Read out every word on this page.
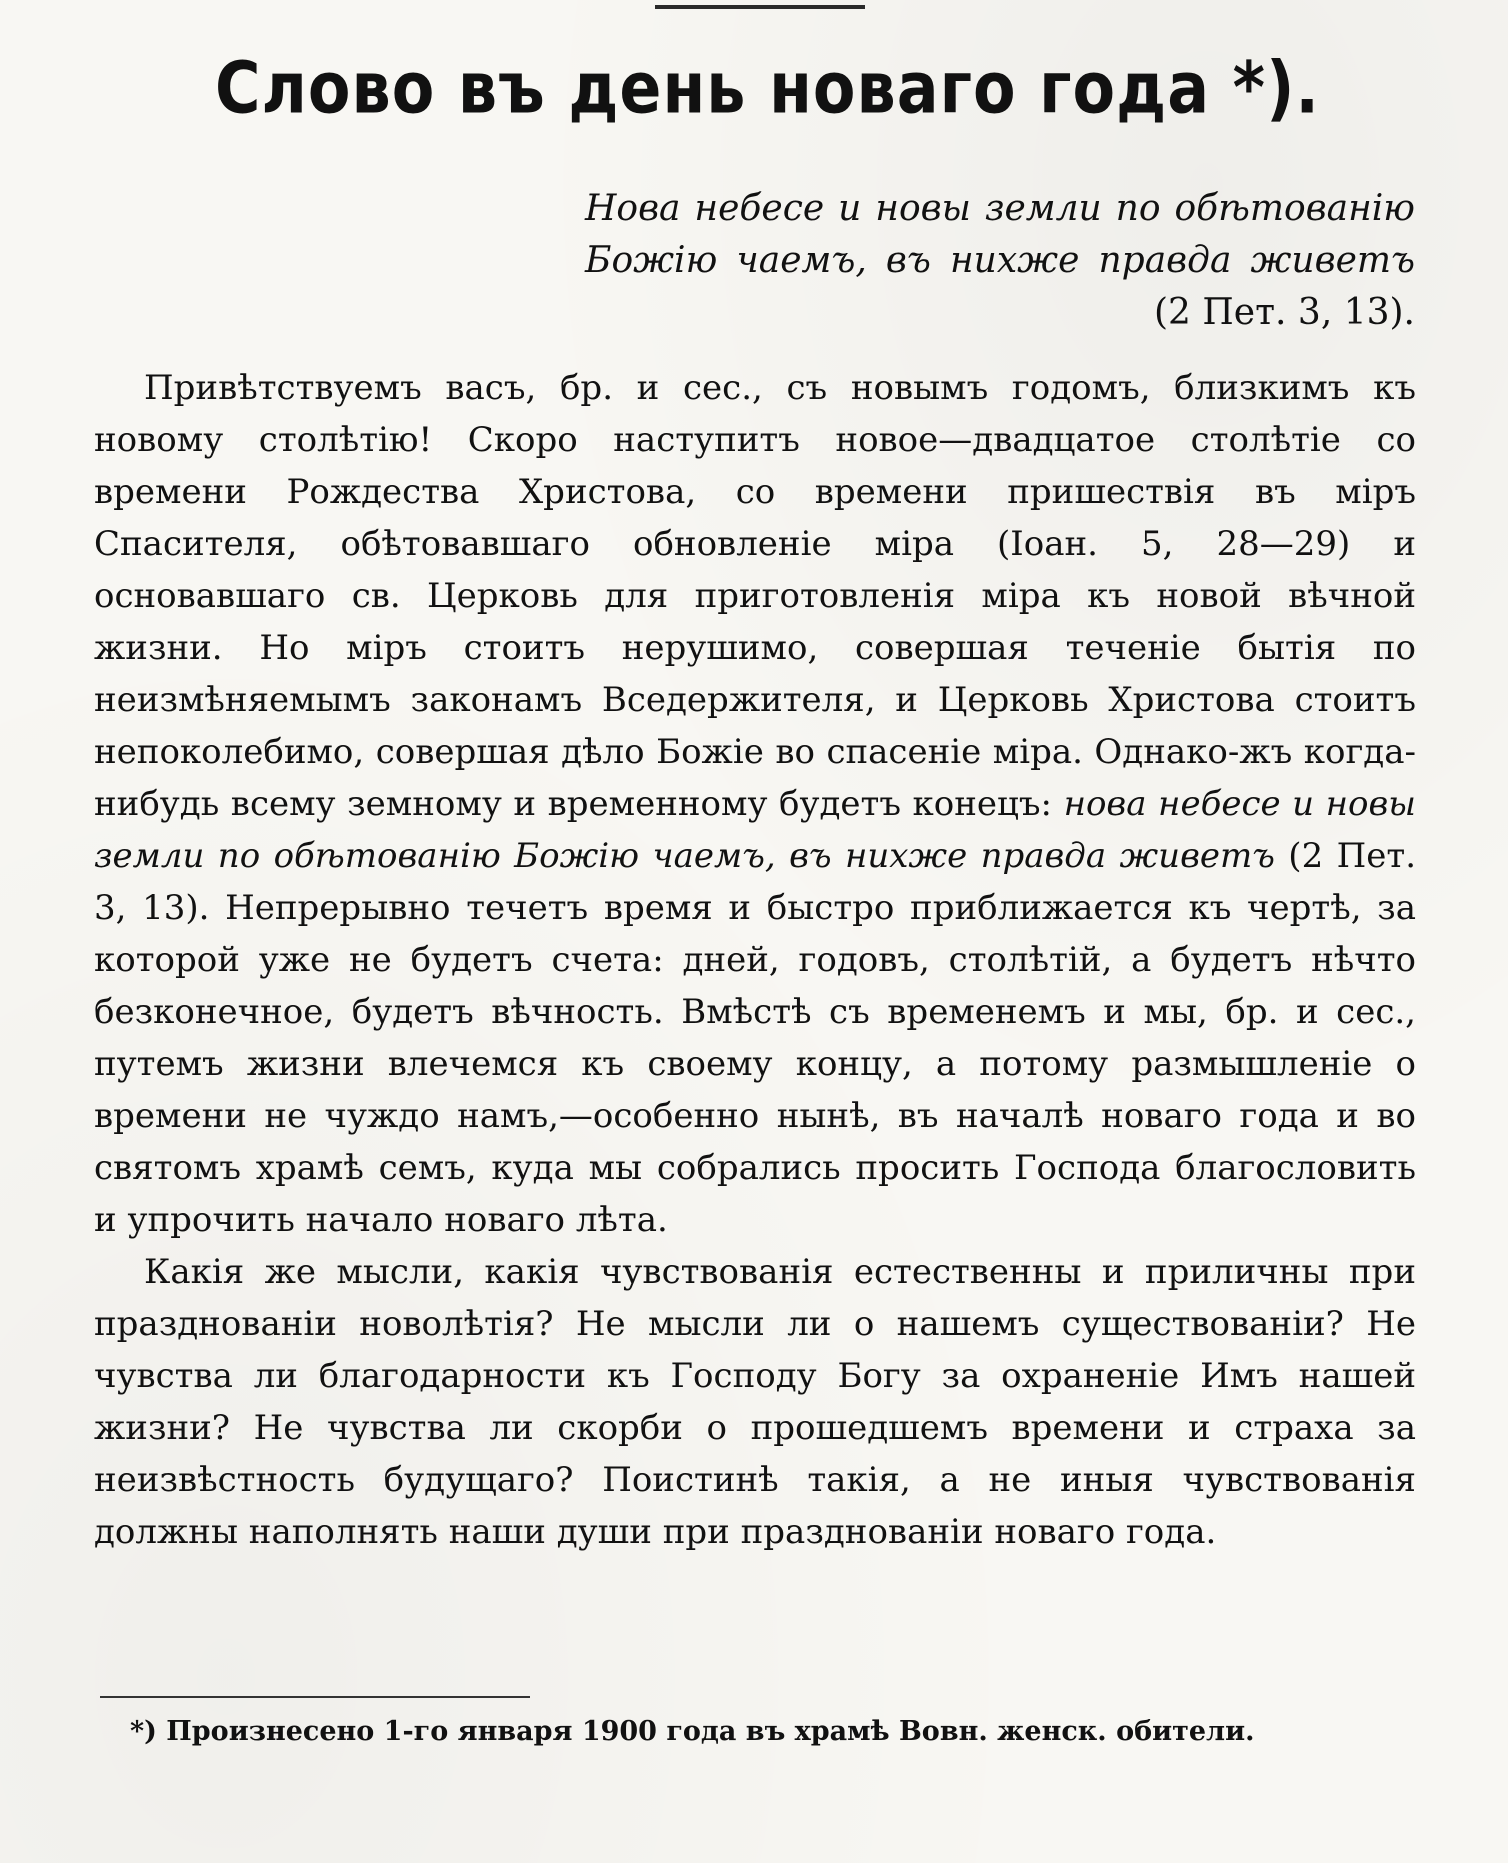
Слово въ день новаго года *).
Нова небесе и новы земли по обѣтованію Божію чаемъ, въ нихже правда живетъ (2 Пет. 3, 13).

Привѣтствуемъ васъ, бр. и сес., съ новымъ годомъ, близкимъ къ новому столѣтію! Скоро наступитъ новое—двадцатое столѣтіе со времени Рождества Христова, со времени пришествія въ міръ Спасителя, обѣтовавшаго обновленіе міра (Іоан. 5, 28—29) и основавшаго св. Церковь для приготовленія міра къ новой вѣчной жизни. Но міръ стоитъ нерушимо, совершая теченіе бытія по неизмѣняемымъ законамъ Вседержителя, и Церковь Христова стоитъ непоколебимо, совершая дѣло Божіе во спасеніе міра. Однако-жъ когда-нибудь всему земному и временному будетъ конецъ: нова небесе и новы земли по обѣтованію Божію чаемъ, въ нихже правда живетъ (2 Пет. 3, 13). Непрерывно течетъ время и быстро приближается къ чертѣ, за которой уже не будетъ счета: дней, годовъ, столѣтій, а будетъ нѣчто безконечное, будетъ вѣчность. Вмѣстѣ съ временемъ и мы, бр. и сес., путемъ жизни влечемся къ своему концу, а потому размышленіе о времени не чуждо намъ,—особенно нынѣ, въ началѣ новаго года и во святомъ храмѣ семъ, куда мы собрались просить Господа благословить и упрочить начало новаго лѣта.

Какія же мысли, какія чувствованія естественны и приличны при празднованіи новолѣтія? Не мысли ли о нашемъ существованіи? Не чувства ли благодарности къ Господу Богу за охраненіе Имъ нашей жизни? Не чувства ли скорби о прошедшемъ времени и страха за неизвѣстность будущаго? Поистинѣ такія, а не иныя чувствованія должны наполнять наши души при празднованіи новаго года.

*) Произнесено 1-го января 1900 года въ храмѣ Вовн. женск. обители.
